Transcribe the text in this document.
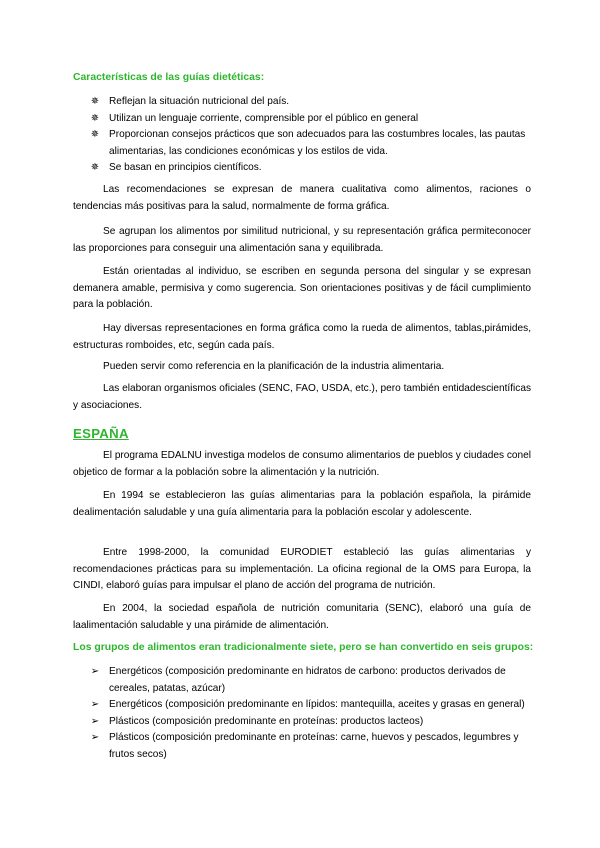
Características de las guías dietéticas:
✵ Reflejan la situación nutricional del país.
✵ Utilizan un lenguaje corriente, comprensible por el público en general
✵ Proporcionan consejos prácticos que son adecuados para las costumbres locales, las pautas alimentarias, las condiciones económicas y los estilos de vida.
✵ Se basan en principios científicos.

Las recomendaciones se expresan de manera cualitativa como alimentos, raciones o tendencias más positivas para la salud, normalmente de forma gráfica.

Se agrupan los alimentos por similitud nutricional, y su representación gráfica permiteconocer las proporciones para conseguir una alimentación sana y equilibrada.

Están orientadas al individuo, se escriben en segunda persona del singular y se expresan demanera amable, permisiva y como sugerencia. Son orientaciones positivas y de fácil cumplimiento para la población.

Hay diversas representaciones en forma gráfica como la rueda de alimentos, tablas,pirámides, estructuras romboides, etc, según cada país.

Pueden servir como referencia en la planificación de la industria alimentaria.

Las elaboran organismos oficiales (SENC, FAO, USDA, etc.), pero también entidadescientíficas y asociaciones.

ESPAÑA

El programa EDALNU investiga modelos de consumo alimentarios de pueblos y ciudades conel objetico de formar a la población sobre la alimentación y la nutrición.

En 1994 se establecieron las guías alimentarias para la población española, la pirámide dealimentación saludable y una guía alimentaria para la población escolar y adolescente.

Entre 1998-2000, la comunidad EURODIET estableció las guías alimentarias y recomendaciones prácticas para su implementación. La oficina regional de la OMS para Europa, la CINDI, elaboró guías para impulsar el plano de acción del programa de nutrición.

En 2004, la sociedad española de nutrición comunitaria (SENC), elaboró una guía de laalimentación saludable y una pirámide de alimentación.

Los grupos de alimentos eran tradicionalmente siete, pero se han convertido en seis grupos:
➢ Energéticos (composición predominante en hidratos de carbono: productos derivados de cereales, patatas, azúcar)
➢ Energéticos (composición predominante en lípidos: mantequilla, aceites y grasas en general)
➢ Plásticos (composición predominante en proteínas: productos lacteos)
➢ Plásticos (composición predominante en proteínas: carne, huevos y pescados, legumbres y frutos secos)
